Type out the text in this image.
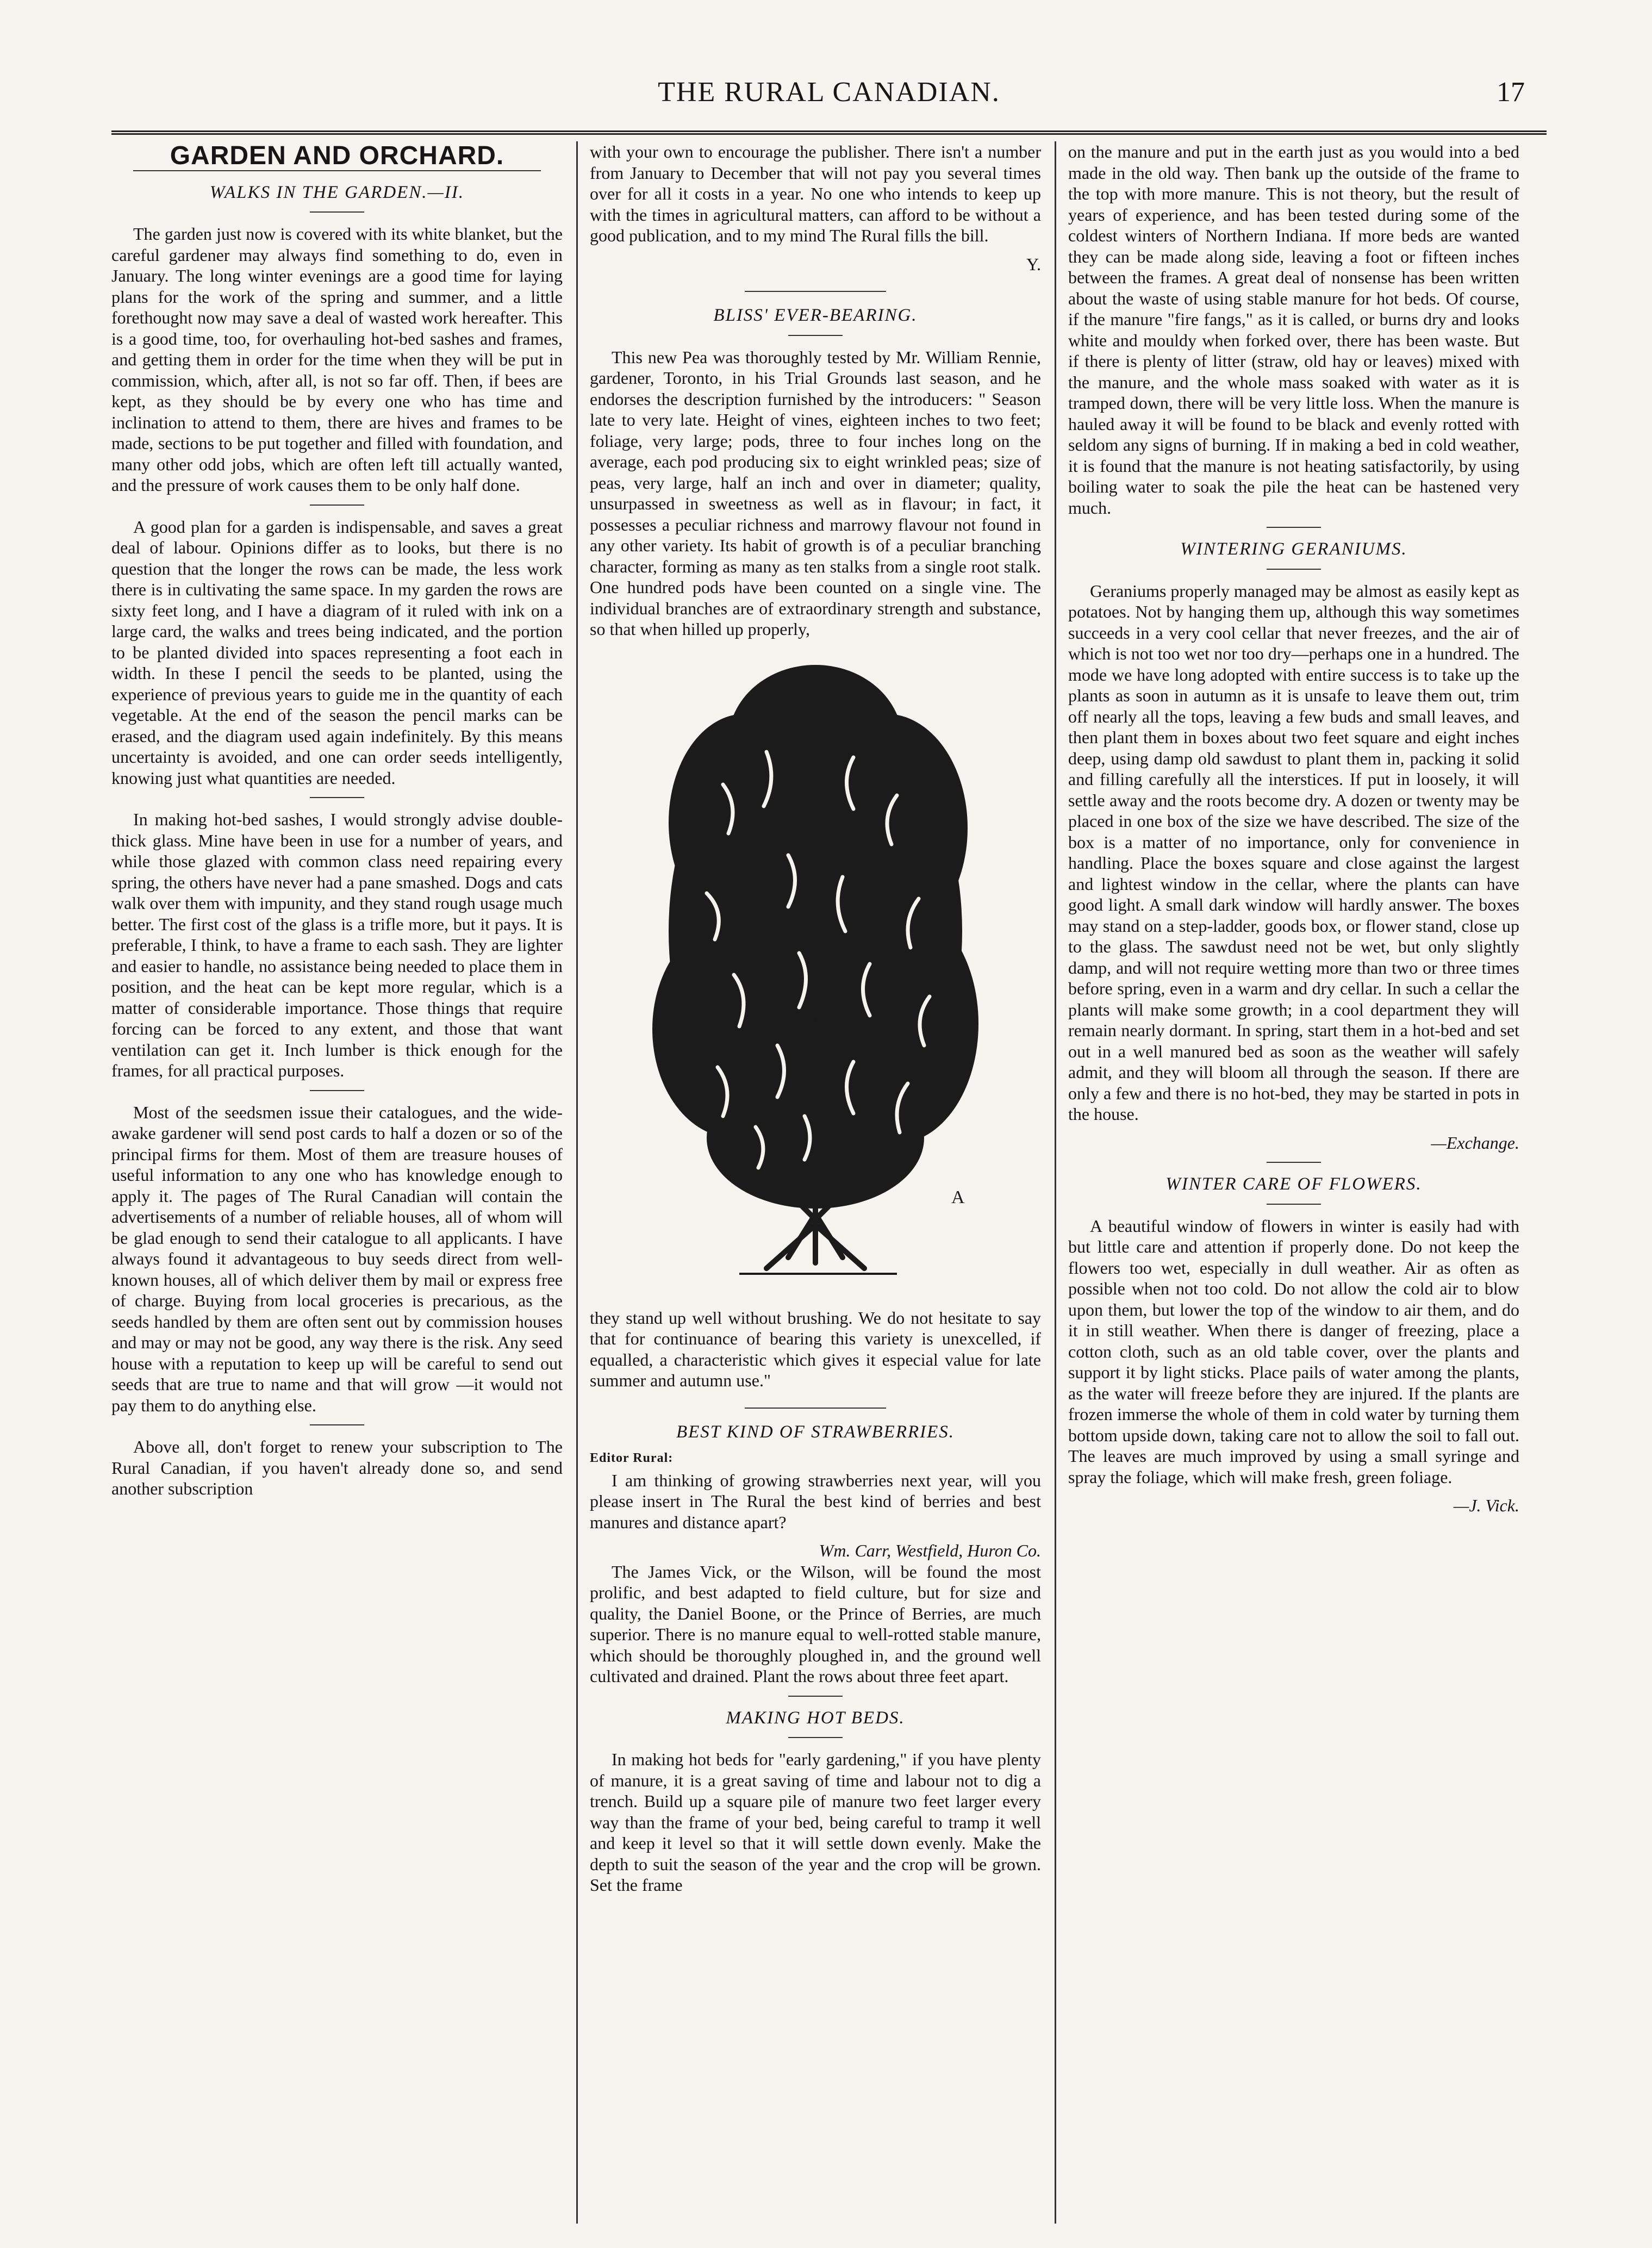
THE RURAL CANADIAN.	17
GARDEN AND ORCHARD.
WALKS IN THE GARDEN.—II.

The garden just now is covered with its white blanket, but the careful gardener may always find something to do, even in January. The long winter evenings are a good time for laying plans for the work of the spring and summer, and a little forethought now may save a deal of wasted work hereafter. This is a good time, too, for overhauling hot-bed sashes and frames, and getting them in order for the time when they will be put in commission, which, after all, is not so far off. Then, if bees are kept, as they should be by every one who has time and inclination to attend to them, there are hives and frames to be made, sections to be put together and filled with foundation, and many other odd jobs, which are often left till actually wanted, and the pressure of work causes them to be only half done.

A good plan for a garden is indispensable, and saves a great deal of labour. Opinions differ as to looks, but there is no question that the longer the rows can be made, the less work there is in cultivating the same space. In my garden the rows are sixty feet long, and I have a diagram of it ruled with ink on a large card, the walks and trees being indicated, and the portion to be planted divided into spaces representing a foot each in width. In these I pencil the seeds to be planted, using the experience of previous years to guide me in the quantity of each vegetable. At the end of the season the pencil marks can be erased, and the diagram used again indefinitely. By this means uncertainty is avoided, and one can order seeds intelligently, knowing just what quantities are needed.

In making hot-bed sashes, I would strongly advise double-thick glass. Mine have been in use for a number of years, and while those glazed with common class need repairing every spring, the others have never had a pane smashed. Dogs and cats walk over them with impunity, and they stand rough usage much better. The first cost of the glass is a trifle more, but it pays. It is preferable, I think, to have a frame to each sash. They are lighter and easier to handle, no assistance being needed to place them in position, and the heat can be kept more regular, which is a matter of considerable importance. Those things that require forcing can be forced to any extent, and those that want ventilation can get it. Inch lumber is thick enough for the frames, for all practical purposes.

Most of the seedsmen issue their catalogues, and the wide-awake gardener will send post cards to half a dozen or so of the principal firms for them. Most of them are treasure houses of useful information to any one who has knowledge enough to apply it. The pages of The Rural Canadian will contain the advertisements of a number of reliable houses, all of whom will be glad enough to send their catalogue to all applicants. I have always found it advantageous to buy seeds direct from well-known houses, all of which deliver them by mail or express free of charge. Buying from local groceries is precarious, as the seeds handled by them are often sent out by commission houses and may or may not be good, any way there is the risk. Any seed house with a reputation to keep up will be careful to send out seeds that are true to name and that will grow —it would not pay them to do anything else.

Above all, don't forget to renew your subscription to The Rural Canadian, if you haven't already done so, and send another subscription

with your own to encourage the publisher. There isn't a number from January to December that will not pay you several times over for all it costs in a year. No one who intends to keep up with the times in agricultural matters, can afford to be without a good publication, and to my mind The Rural fills the bill.

Y.
BLISS' EVER-BEARING.

This new Pea was thoroughly tested by Mr. William Rennie, gardener, Toronto, in his Trial Grounds last season, and he endorses the description furnished by the introducers: " Season late to very late. Height of vines, eighteen inches to two feet; foliage, very large; pods, three to four inches long on the average, each pod producing six to eight wrinkled peas; size of peas, very large, half an inch and over in diameter; quality, unsurpassed in sweetness as well as in flavour; in fact, it possesses a peculiar richness and marrowy flavour not found in any other variety. Its habit of growth is of a peculiar branching character, forming as many as ten stalks from a single root stalk. One hundred pods have been counted on a single vine. The individual branches are of extraordinary strength and substance, so that when hilled up properly,

A

they stand up well without brushing. We do not hesitate to say that for continuance of bearing this variety is unexcelled, if equalled, a characteristic which gives it especial value for late summer and autumn use."

BEST KIND OF STRAWBERRIES.
Editor Rural:

I am thinking of growing strawberries next year, will you please insert in The Rural the best kind of berries and best manures and distance apart?

Wm. Carr, Westfield, Huron Co.

The James Vick, or the Wilson, will be found the most prolific, and best adapted to field culture, but for size and quality, the Daniel Boone, or the Prince of Berries, are much superior. There is no manure equal to well-rotted stable manure, which should be thoroughly ploughed in, and the ground well cultivated and drained. Plant the rows about three feet apart.

MAKING HOT BEDS.

In making hot beds for "early gardening," if you have plenty of manure, it is a great saving of time and labour not to dig a trench. Build up a square pile of manure two feet larger every way than the frame of your bed, being careful to tramp it well and keep it level so that it will settle down evenly. Make the depth to suit the season of the year and the crop will be grown. Set the frame

on the manure and put in the earth just as you would into a bed made in the old way. Then bank up the outside of the frame to the top with more manure. This is not theory, but the result of years of experience, and has been tested during some of the coldest winters of Northern Indiana. If more beds are wanted they can be made along side, leaving a foot or fifteen inches between the frames. A great deal of nonsense has been written about the waste of using stable manure for hot beds. Of course, if the manure "fire fangs," as it is called, or burns dry and looks white and mouldy when forked over, there has been waste. But if there is plenty of litter (straw, old hay or leaves) mixed with the manure, and the whole mass soaked with water as it is tramped down, there will be very little loss. When the manure is hauled away it will be found to be black and evenly rotted with seldom any signs of burning. If in making a bed in cold weather, it is found that the manure is not heating satisfactorily, by using boiling water to soak the pile the heat can be hastened very much.

WINTERING GERANIUMS.

Geraniums properly managed may be almost as easily kept as potatoes. Not by hanging them up, although this way sometimes succeeds in a very cool cellar that never freezes, and the air of which is not too wet nor too dry—perhaps one in a hundred. The mode we have long adopted with entire success is to take up the plants as soon in autumn as it is unsafe to leave them out, trim off nearly all the tops, leaving a few buds and small leaves, and then plant them in boxes about two feet square and eight inches deep, using damp old sawdust to plant them in, packing it solid and filling carefully all the interstices. If put in loosely, it will settle away and the roots become dry. A dozen or twenty may be placed in one box of the size we have described. The size of the box is a matter of no importance, only for convenience in handling. Place the boxes square and close against the largest and lightest window in the cellar, where the plants can have good light. A small dark window will hardly answer. The boxes may stand on a step-ladder, goods box, or flower stand, close up to the glass. The sawdust need not be wet, but only slightly damp, and will not require wetting more than two or three times before spring, even in a warm and dry cellar. In such a cellar the plants will make some growth; in a cool department they will remain nearly dormant. In spring, start them in a hot-bed and set out in a well manured bed as soon as the weather will safely admit, and they will bloom all through the season. If there are only a few and there is no hot-bed, they may be started in pots in the house.

—Exchange.
WINTER CARE OF FLOWERS.

A beautiful window of flowers in winter is easily had with but little care and attention if properly done. Do not keep the flowers too wet, especially in dull weather. Air as often as possible when not too cold. Do not allow the cold air to blow upon them, but lower the top of the window to air them, and do it in still weather. When there is danger of freezing, place a cotton cloth, such as an old table cover, over the plants and support it by light sticks. Place pails of water among the plants, as the water will freeze before they are injured. If the plants are frozen immerse the whole of them in cold water by turning them bottom upside down, taking care not to allow the soil to fall out. The leaves are much improved by using a small syringe and spray the foliage, which will make fresh, green foliage.

—J. Vick.
